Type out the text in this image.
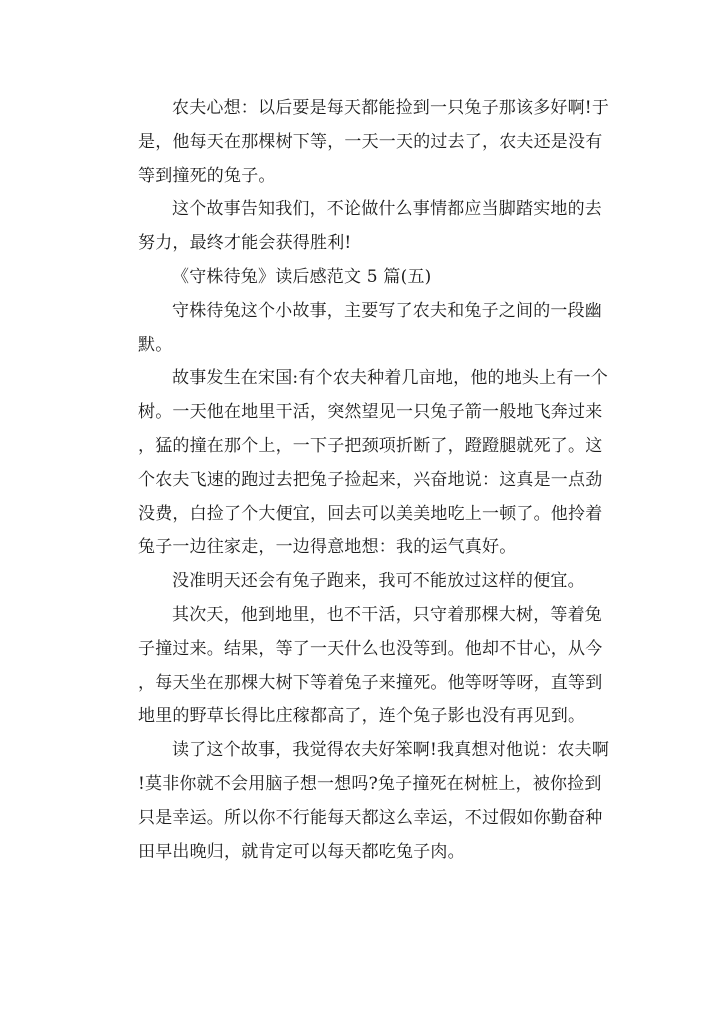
农夫心想：以后要是每天都能捡到一只兔子那该多好啊!于是，他每天在那棵树下等，一天一天的过去了，农夫还是没有等到撞死的兔子。

这个故事告知我们，不论做什么事情都应当脚踏实地的去努力，最终才能会获得胜利!

《守株待兔》读后感范文 5 篇(五)

守株待兔这个小故事，主要写了农夫和兔子之间的一段幽默。

故事发生在宋国:有个农夫种着几亩地，他的地头上有一个树。一天他在地里干活，突然望见一只兔子箭一般地飞奔过来，猛的撞在那个上，一下子把颈项折断了，蹬蹬腿就死了。这个农夫飞速的跑过去把兔子捡起来，兴奋地说：这真是一点劲没费，白捡了个大便宜，回去可以美美地吃上一顿了。他拎着兔子一边往家走，一边得意地想：我的运气真好。

没准明天还会有兔子跑来，我可不能放过这样的便宜。

其次天，他到地里，也不干活，只守着那棵大树，等着兔子撞过来。结果，等了一天什么也没等到。他却不甘心，从今，每天坐在那棵大树下等着兔子来撞死。他等呀等呀，直等到地里的野草长得比庄稼都高了，连个兔子影也没有再见到。

读了这个故事，我觉得农夫好笨啊!我真想对他说：农夫啊!莫非你就不会用脑子想一想吗?兔子撞死在树桩上，被你捡到只是幸运。所以你不行能每天都这么幸运，不过假如你勤奋种田早出晚归，就肯定可以每天都吃兔子肉。
